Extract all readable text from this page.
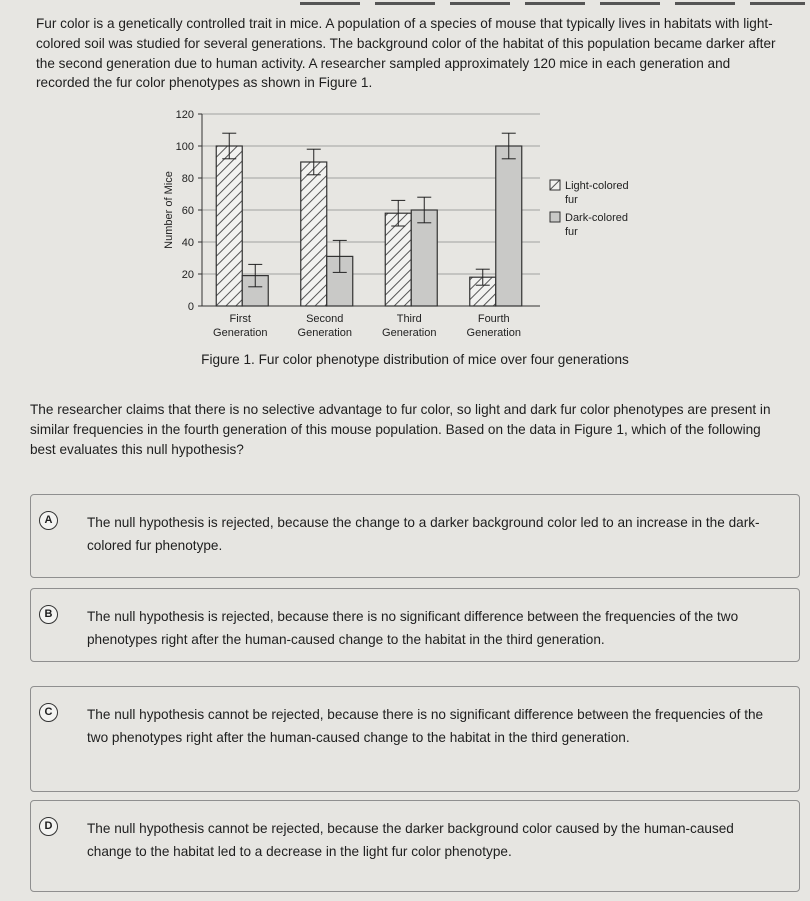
Fur color is a genetically controlled trait in mice. A population of a species of mouse that typically lives in habitats with light-colored soil was studied for several generations. The background color of the habitat of this population became darker after the second generation due to human activity. A researcher sampled approximately 120 mice in each generation and recorded the fur color phenotypes as shown in Figure 1.
0
20
40
60
80
100
120
Number of Mice
First
Generation
Second
Generation
Third
Generation
Fourth
Generation
Light-colored
fur
Dark-colored
fur
Figure 1. Fur color phenotype distribution of mice over four generations
The researcher claims that there is no selective advantage to fur color, so light and dark fur color phenotypes are present in similar frequencies in the fourth generation of this mouse population. Based on the data in Figure 1, which of the following best evaluates this null hypothesis?
A	The null hypothesis is rejected, because the change to a darker background color led to an increase in the dark-colored fur phenotype.
B	The null hypothesis is rejected, because there is no significant difference between the frequencies of the two phenotypes right after the human-caused change to the habitat in the third generation.
C	The null hypothesis cannot be rejected, because there is no significant difference between the frequencies of the two phenotypes right after the human-caused change to the habitat in the third generation.
D	The null hypothesis cannot be rejected, because the darker background color caused by the human-caused change to the habitat led to a decrease in the light fur color phenotype.
